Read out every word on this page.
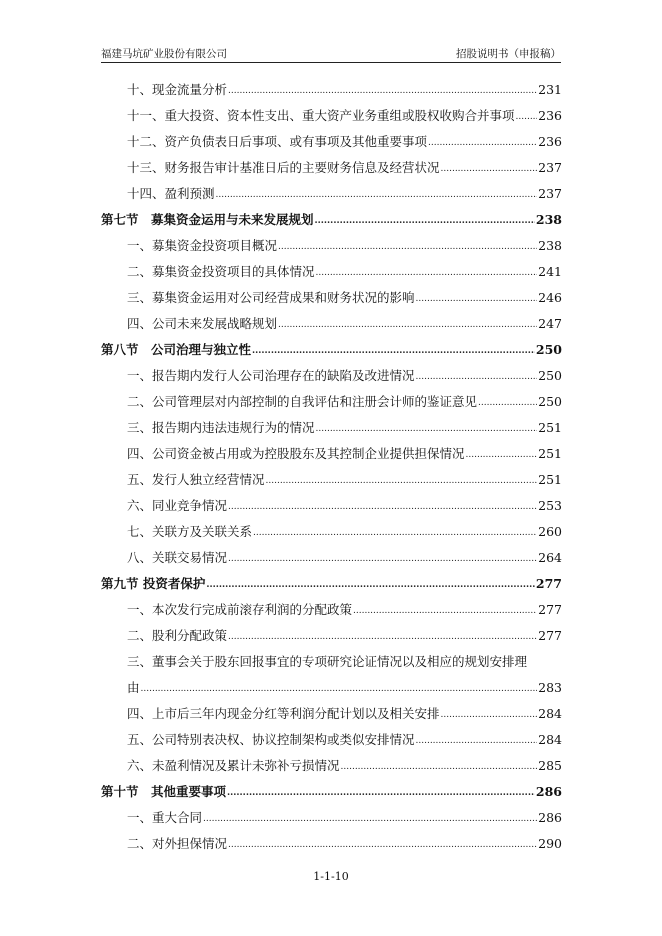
福建马坑矿业股份有限公司	招股说明书（申报稿）
十、现金流量分析 .....	231
十一、重大投资、资本性支出、重大资产业务重组或股权收购合并事项 ..... 236
十二、资产负债表日后事项、或有事项及其他重要事项 .....	236
十三、财务报告审计基准日后的主要财务信息及经营状况 .....	237
十四、盈利预测 .....	237
第七节　募集资金运用与未来发展规划 .....	238
一、募集资金投资项目概况 .....	238
二、募集资金投资项目的具体情况 .....	241
三、募集资金运用对公司经营成果和财务状况的影响 .....	246
四、公司未来发展战略规划 .....	247
第八节　公司治理与独立性 .....	250
一、报告期内发行人公司治理存在的缺陷及改进情况 .....	250
二、公司管理层对内部控制的自我评估和注册会计师的鉴证意见 .....	250
三、报告期内违法违规行为的情况 .....	251
四、公司资金被占用或为控股股东及其控制企业提供担保情况 .....	251
五、发行人独立经营情况 .....	251
六、同业竞争情况 .....	253
七、关联方及关联关系 .....	260
八、关联交易情况 .....	264
第九节 投资者保护 .....	277
一、本次发行完成前滚存利润的分配政策 .....	277
二、股利分配政策 .....	277
三、董事会关于股东回报事宜的专项研究论证情况以及相应的规划安排理
由 .....	283
四、上市后三年内现金分红等利润分配计划以及相关安排 .....	284
五、公司特别表决权、协议控制架构或类似安排情况 .....	284
六、未盈利情况及累计未弥补亏损情况 .....	285
第十节　其他重要事项 .....	286
一、重大合同 .....	286
二、对外担保情况 .....	290
1-1-10
